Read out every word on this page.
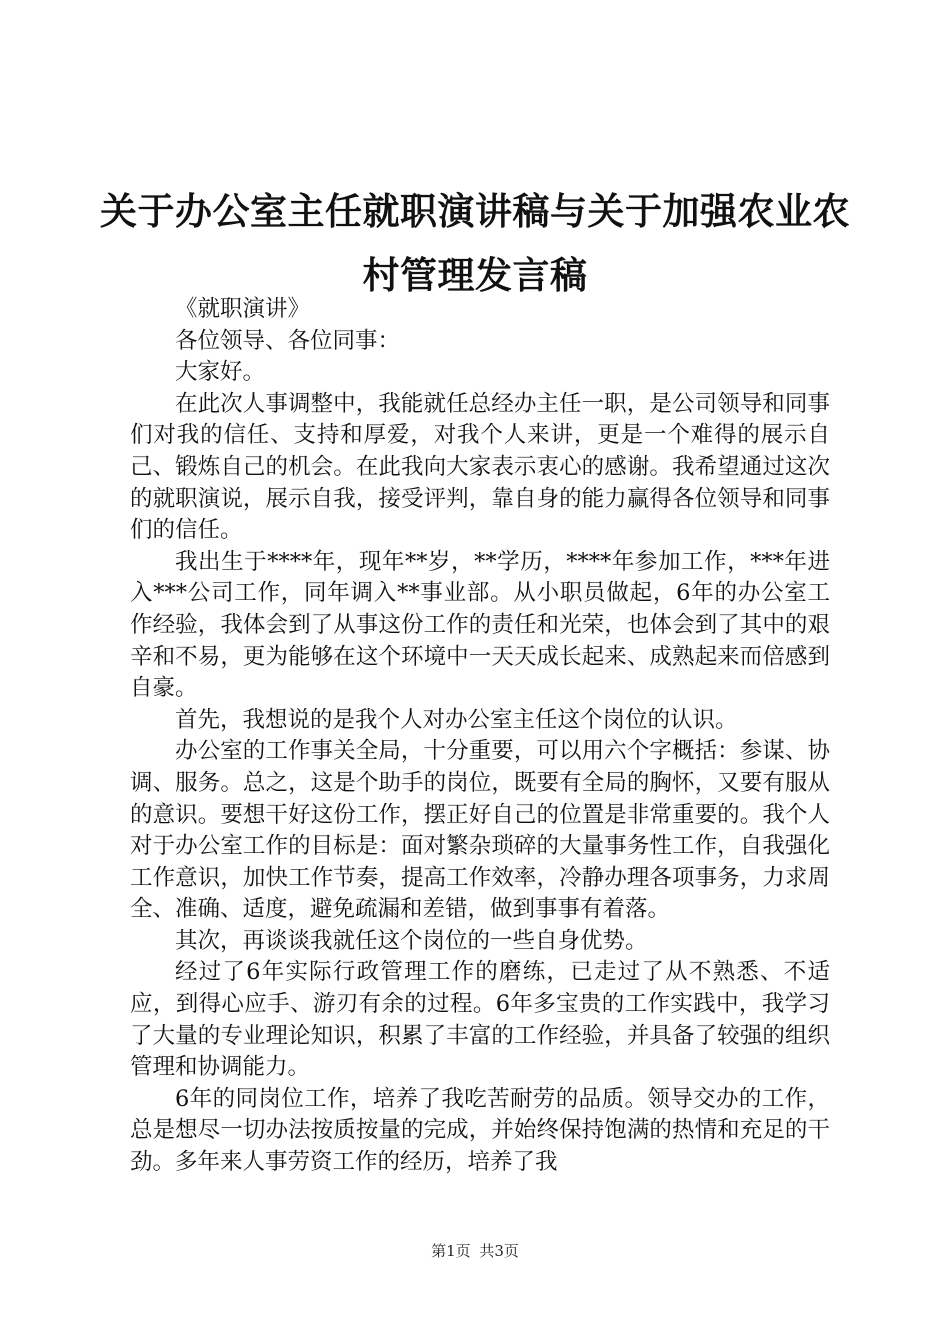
关于办公室主任就职演讲稿与关于加强农业农
村管理发言稿

《就职演讲》

各位领导、各位同事：

大家好。

在此次人事调整中，我能就任总经办主任一职，是公司领导和同事们对我的信任、支持和厚爱，对我个人来讲，更是一个难得的展示自己、锻炼自己的机会。在此我向大家表示衷心的感谢。我希望通过这次的就职演说，展示自我，接受评判，靠自身的能力赢得各位领导和同事们的信任。

我出生于****年，现年**岁，**学历，****年参加工作，***年进入***公司工作，同年调入**事业部。从小职员做起，6年的办公室工作经验，我体会到了从事这份工作的责任和光荣，也体会到了其中的艰辛和不易，更为能够在这个环境中一天天成长起来、成熟起来而倍感到自豪。

首先，我想说的是我个人对办公室主任这个岗位的认识。

办公室的工作事关全局，十分重要，可以用六个字概括：参谋、协调、服务。总之，这是个助手的岗位，既要有全局的胸怀，又要有服从的意识。要想干好这份工作，摆正好自己的位置是非常重要的。我个人对于办公室工作的目标是：面对繁杂琐碎的大量事务性工作，自我强化工作意识，加快工作节奏，提高工作效率，冷静办理各项事务，力求周全、准确、适度，避免疏漏和差错，做到事事有着落。

其次，再谈谈我就任这个岗位的一些自身优势。

经过了6年实际行政管理工作的磨练，已走过了从不熟悉、不适应，到得心应手、游刃有余的过程。6年多宝贵的工作实践中，我学习了大量的专业理论知识，积累了丰富的工作经验，并具备了较强的组织管理和协调能力。

6年的同岗位工作，培养了我吃苦耐劳的品质。领导交办的工作，总是想尽一切办法按质按量的完成，并始终保持饱满的热情和充足的干劲。多年来人事劳资工作的经历，培养了我

第1页 共3页
